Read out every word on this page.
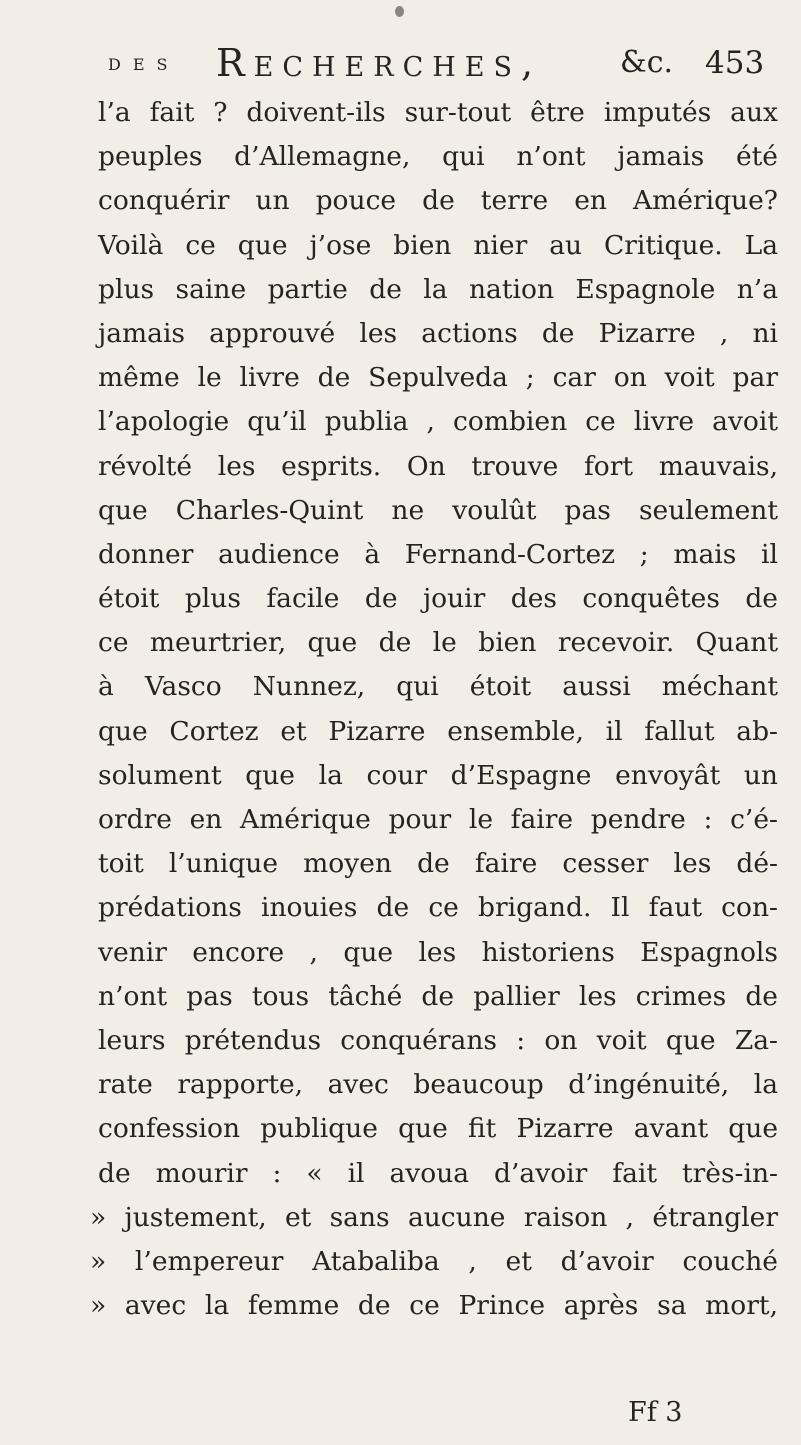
des Recherches,	&c. 453
l’a fait ? doivent-ils sur-tout être imputés aux
peuples d’Allemagne, qui n’ont jamais été
conquérir un pouce de terre en Amérique?
Voilà ce que j’ose bien nier au Critique. La
plus saine partie de la nation Espagnole n’a
jamais approuvé les actions de Pizarre , ni
même le livre de Sepulveda ; car on voit par
l’apologie qu’il publia , combien ce livre avoit
révolté les esprits. On trouve fort mauvais,
que Charles-Quint ne voulût pas seulement
donner audience à Fernand-Cortez ; mais il
étoit plus facile de jouir des conquêtes de
ce meurtrier, que de le bien recevoir. Quant
à Vasco Nunnez, qui étoit aussi méchant
que Cortez et Pizarre ensemble, il fallut ab-
solument que la cour d’Espagne envoyât un
ordre en Amérique pour le faire pendre : c’é-
toit l’unique moyen de faire cesser les dé-
prédations inouies de ce brigand. Il faut con-
venir encore , que les historiens Espagnols
n’ont pas tous tâché de pallier les crimes de
leurs prétendus conquérans : on voit que Za-
rate rapporte, avec beaucoup d’ingénuité, la
confession publique que fit Pizarre avant que
de mourir : « il avoua d’avoir fait très-in-
» justement, et sans aucune raison , étrangler
» l’empereur Atabaliba , et d’avoir couché
» avec la femme de ce Prince après sa mort,
Ff 3
